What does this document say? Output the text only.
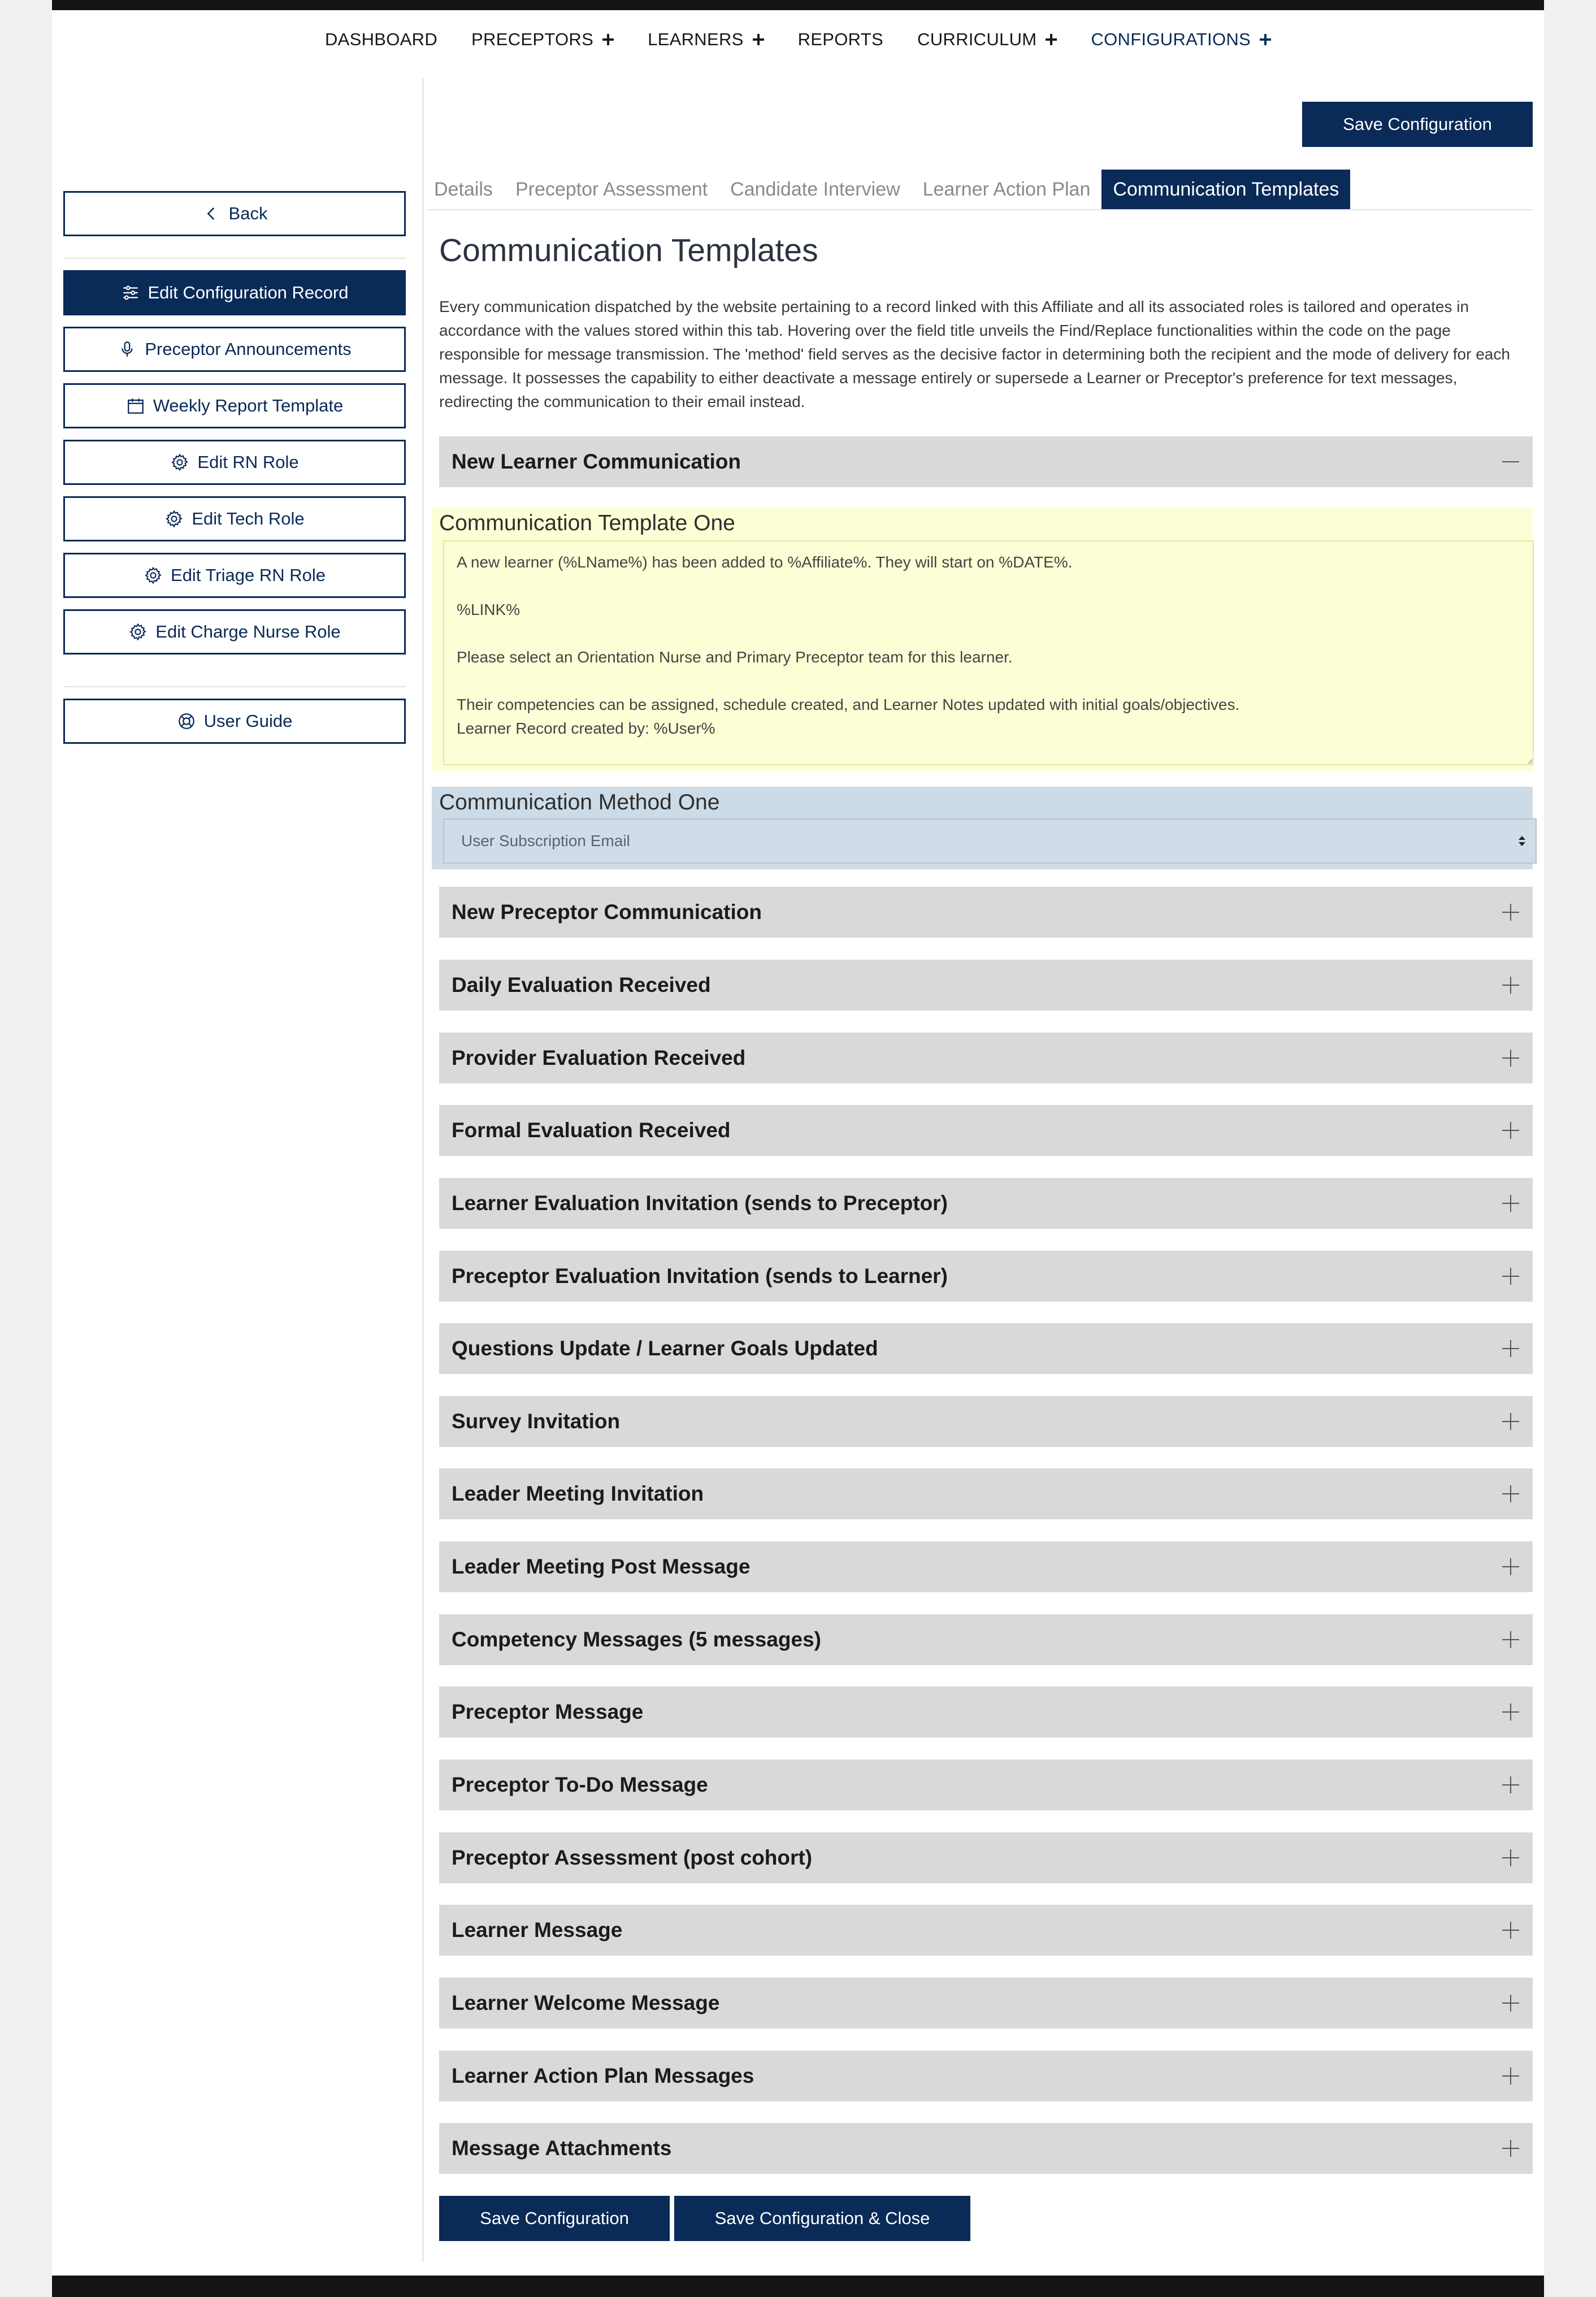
DASHBOARD PRECEPTORS	LEARNERS	REPORTS CURRICULUM	CONFIGURATIONS
Back
Edit Configuration Record
Preceptor Announcements
Weekly Report Template
Edit RN Role
Edit Tech Role
Edit Triage RN Role
Edit Charge Nurse Role
User Guide
Save Configuration
Details	Preceptor Assessment	Candidate Interview	Learner Action Plan	Communication Templates
Communication Templates

Every communication dispatched by the website pertaining to a record linked with this Affiliate and all its associated roles is tailored and operates in accordance with the values stored within this tab. Hovering over the field title unveils the Find/Replace functionalities within the code on the page responsible for message transmission. The 'method' field serves as the decisive factor in determining both the recipient and the mode of delivery for each message. It possesses the capability to either deactivate a message entirely or supersede a Learner or Preceptor's preference for text messages, redirecting the communication to their email instead.

New Learner Communication
Communication Template One
A new learner (%LName%) has been added to %Affiliate%. They will start on %DATE%. %LINK% Please select an Orientation Nurse and Primary Preceptor team for this learner. Their competencies can be assigned, schedule created, and Learner Notes updated with initial goals/objectives. Learner Record created by: %User%
Communication Method One
User Subscription Email
New Preceptor Communication
Daily Evaluation Received
Provider Evaluation Received
Formal Evaluation Received
Learner Evaluation Invitation (sends to Preceptor)
Preceptor Evaluation Invitation (sends to Learner)
Questions Update / Learner Goals Updated
Survey Invitation
Leader Meeting Invitation
Leader Meeting Post Message
Competency Messages (5 messages)
Preceptor Message
Preceptor To-Do Message
Preceptor Assessment (post cohort)
Learner Message
Learner Welcome Message
Learner Action Plan Messages
Message Attachments
Save Configuration	Save Configuration & Close
